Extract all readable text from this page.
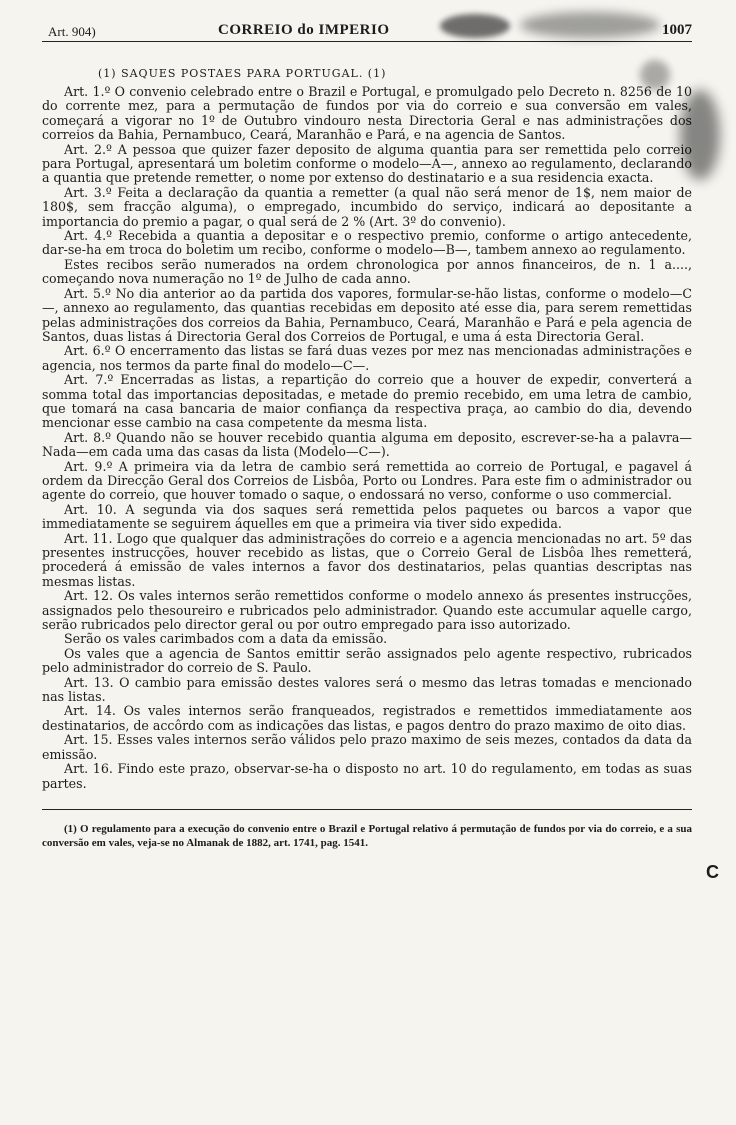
Art. 904)	CORREIO do IMPERIO	1007
(1) SAQUES POSTAES PARA PORTUGAL. (1)

Art. 1.º O convenio celebrado entre o Brazil e Portugal, e promulgado pelo Decreto n. 8256 de 10 do corrente mez, para a permutação de fundos por via do correio e sua conversão em vales, começará a vigorar no 1º de Outubro vindouro nesta Directoria Geral e nas administrações dos correios da Bahia, Pernambuco, Ceará, Maranhão e Pará, e na agencia de Santos.

Art. 2.º A pessoa que quizer fazer deposito de alguma quantia para ser remettida pelo correio para Portugal, apresentará um boletim conforme o modelo—A—, annexo ao regulamento, declarando a quantia que pretende remetter, o nome por extenso do destinatario e a sua residencia exacta.

Art. 3.º Feita a declaração da quantia a remetter (a qual não será menor de 1$, nem maior de 180$, sem fracção alguma), o empregado, incumbido do serviço, indicará ao depositante a importancia do premio a pagar, o qual será de 2 % (Art. 3º do convenio).

Art. 4.º Recebida a quantia a depositar e o respectivo premio, conforme o artigo antecedente, dar-se-ha em troca do boletim um recibo, conforme o modelo—B—, tambem annexo ao regulamento.

Estes recibos serão numerados na ordem chronologica por annos financeiros, de n. 1 a...., começando nova numeração no 1º de Julho de cada anno.

Art. 5.º No dia anterior ao da partida dos vapores, formular-se-hão listas, conforme o modelo—C—, annexo ao regulamento, das quantias recebidas em deposito até esse dia, para serem remettidas pelas administrações dos correios da Bahia, Pernambuco, Ceará, Maranhão e Pará e pela agencia de Santos, duas listas á Directoria Geral dos Correios de Portugal, e uma á esta Directoria Geral.

Art. 6.º O encerramento das listas se fará duas vezes por mez nas mencionadas administrações e agencia, nos termos da parte final do modelo—C—.

Art. 7.º Encerradas as listas, a repartição do correio que a houver de expedir, converterá a somma total das importancias depositadas, e metade do premio recebido, em uma letra de cambio, que tomará na casa bancaria de maior confiança da respectiva praça, ao cambio do dia, devendo mencionar esse cambio na casa competente da mesma lista.

Art. 8.º Quando não se houver recebido quantia alguma em deposito, escrever-se-ha a palavra—Nada—em cada uma das casas da lista (Modelo—C—).

Art. 9.º A primeira via da letra de cambio será remettida ao correio de Portugal, e pagavel á ordem da Direcção Geral dos Correios de Lisbôa, Porto ou Londres. Para este fim o administrador ou agente do correio, que houver tomado o saque, o endossará no verso, conforme o uso commercial.

Art. 10. A segunda via dos saques será remettida pelos paquetes ou barcos a vapor que immediatamente se seguirem áquelles em que a primeira via tiver sido expedida.

Art. 11. Logo que qualquer das administrações do correio e a agencia mencionadas no art. 5º das presentes instrucções, houver recebido as listas, que o Correio Geral de Lisbôa lhes remetterá, procederá á emissão de vales internos a favor dos destinatarios, pelas quantias descriptas nas mesmas listas.

Art. 12. Os vales internos serão remettidos conforme o modelo annexo ás presentes instrucções, assignados pelo thesoureiro e rubricados pelo administrador. Quando este accumular aquelle cargo, serão rubricados pelo director geral ou por outro empregado para isso autorizado.

Serão os vales carimbados com a data da emissão.

Os vales que a agencia de Santos emittir serão assignados pelo agente respectivo, rubricados pelo administrador do correio de S. Paulo.

Art. 13. O cambio para emissão destes valores será o mesmo das letras tomadas e mencionado nas listas.

Art. 14. Os vales internos serão franqueados, registrados e remettidos immediatamente aos destinatarios, de accôrdo com as indicações das listas, e pagos dentro do prazo maximo de oito dias.

Art. 15. Esses vales internos serão válidos pelo prazo maximo de seis mezes, contados da data da emissão.

Art. 16. Findo este prazo, observar-se-ha o disposto no art. 10 do regulamento, em todas as suas partes.

(1) O regulamento para a execução do convenio entre o Brazil e Portugal relativo á permutação de fundos por via do correio, e a sua conversão em vales, veja-se no Almanak de 1882, art. 1741, pag. 1541.
C
